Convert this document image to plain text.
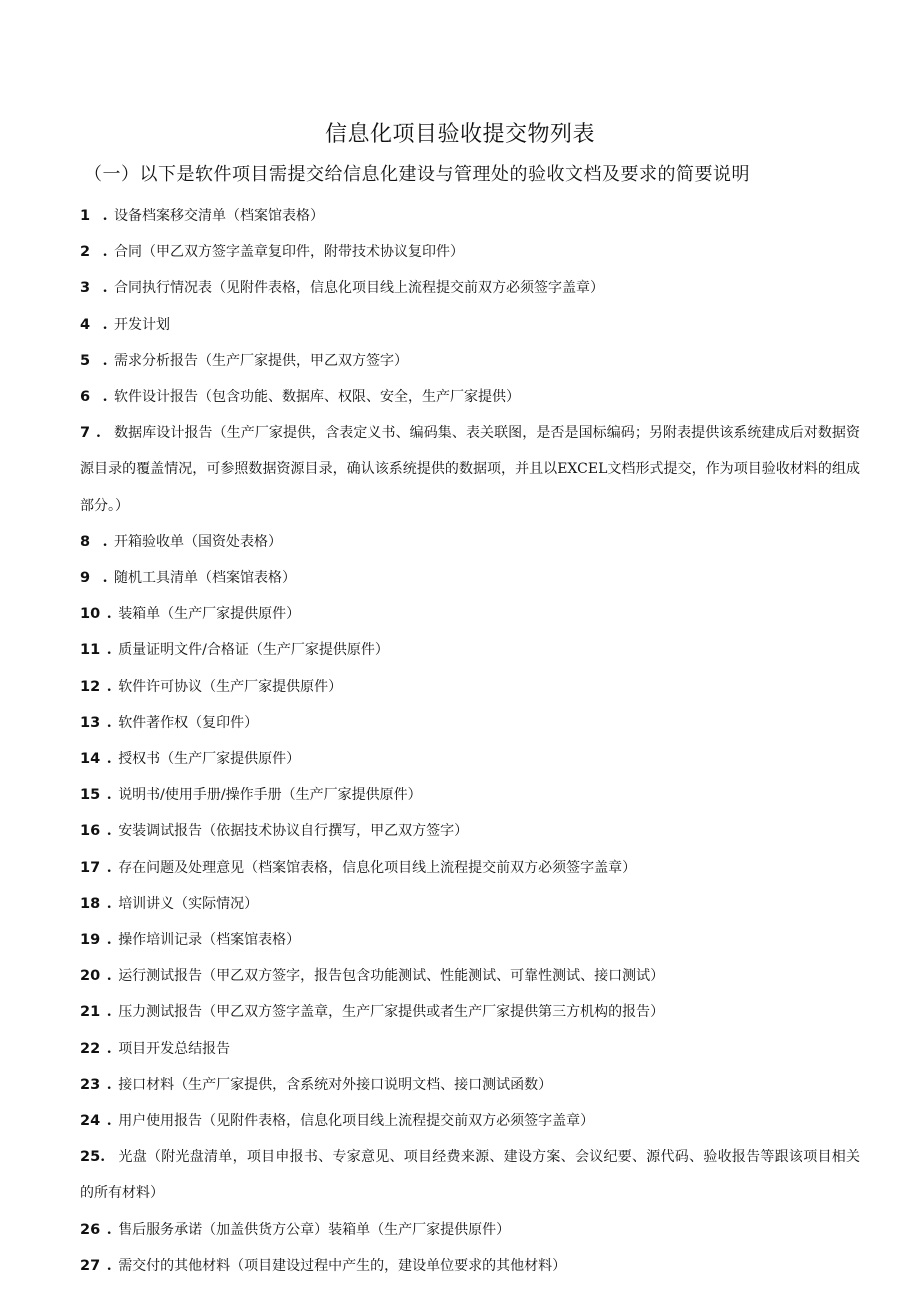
信息化项目验收提交物列表
（一）以下是软件项目需提交给信息化建设与管理处的验收文档及要求的简要说明
1 . 设备档案移交清单（档案馆表格）
2 . 合同（甲乙双方签字盖章复印件，附带技术协议复印件）
3 . 合同执行情况表（见附件表格，信息化项目线上流程提交前双方必须签字盖章）
4 . 开发计划
5 . 需求分析报告（生产厂家提供，甲乙双方签字）
6 . 软件设计报告（包含功能、数据库、权限、安全，生产厂家提供）
7 . 数据库设计报告（生产厂家提供，含表定义书、编码集、表关联图，是否是国标编码；另附表提供该系统建成后对数据资源目录的覆盖情况，可参照数据资源目录，确认该系统提供的数据项，并且以EXCEL文档形式提交，作为项目验收材料的组成部分。）
8 . 开箱验收单（国资处表格）
9 . 随机工具清单（档案馆表格）
10 . 装箱单（生产厂家提供原件）
11 . 质量证明文件/合格证（生产厂家提供原件）
12 . 软件许可协议（生产厂家提供原件）
13 . 软件著作权（复印件）
14 . 授权书（生产厂家提供原件）
15 . 说明书/使用手册/操作手册（生产厂家提供原件）
16 . 安装调试报告（依据技术协议自行撰写，甲乙双方签字）
17 . 存在问题及处理意见（档案馆表格，信息化项目线上流程提交前双方必须签字盖章）
18 . 培训讲义（实际情况）
19 . 操作培训记录（档案馆表格）
20 . 运行测试报告（甲乙双方签字，报告包含功能测试、性能测试、可靠性测试、接口测试）
21 . 压力测试报告（甲乙双方签字盖章，生产厂家提供或者生产厂家提供第三方机构的报告）
22 . 项目开发总结报告
23 . 接口材料（生产厂家提供，含系统对外接口说明文档、接口测试函数）
24 . 用户使用报告（见附件表格，信息化项目线上流程提交前双方必须签字盖章）
25. 光盘（附光盘清单，项目申报书、专家意见、项目经费来源、建设方案、会议纪要、源代码、验收报告等跟该项目相关的所有材料）
26 . 售后服务承诺（加盖供货方公章）装箱单（生产厂家提供原件）
27 . 需交付的其他材料（项目建设过程中产生的，建设单位要求的其他材料）
